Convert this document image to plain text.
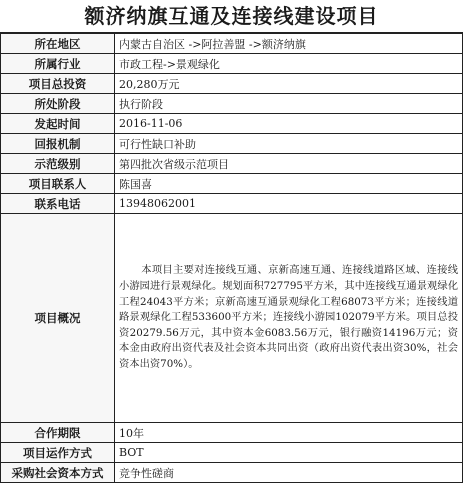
额济纳旗互通及连接线建设项目
所在地区	内蒙古自治区 ->阿拉善盟 ->额济纳旗
所属行业	市政工程->景观绿化
项目总投资	20,280万元
所处阶段	执行阶段
发起时间	2016-11-06
回报机制	可行性缺口补助
示范级别	第四批次省级示范项目
项目联系人	陈国喜
联系电话	13948062001
项目概况	本项目主要对连接线互通、京新高速互通、连接线道路区域、连接线小游园进行景观绿化。规划面积727795平方米，其中连接线互通景观绿化工程24043平方米；京新高速互通景观绿化工程68073平方米；连接线道路景观绿化工程533600平方米；连接线小游园102079平方米。项目总投资20279.56万元，其中资本金6083.56万元，银行融资14196万元；资本金由政府出资代表及社会资本共同出资（政府出资代表出资30%，社会资本出资70%）。
合作期限	10年
项目运作方式	BOT
采购社会资本方式	竞争性磋商
